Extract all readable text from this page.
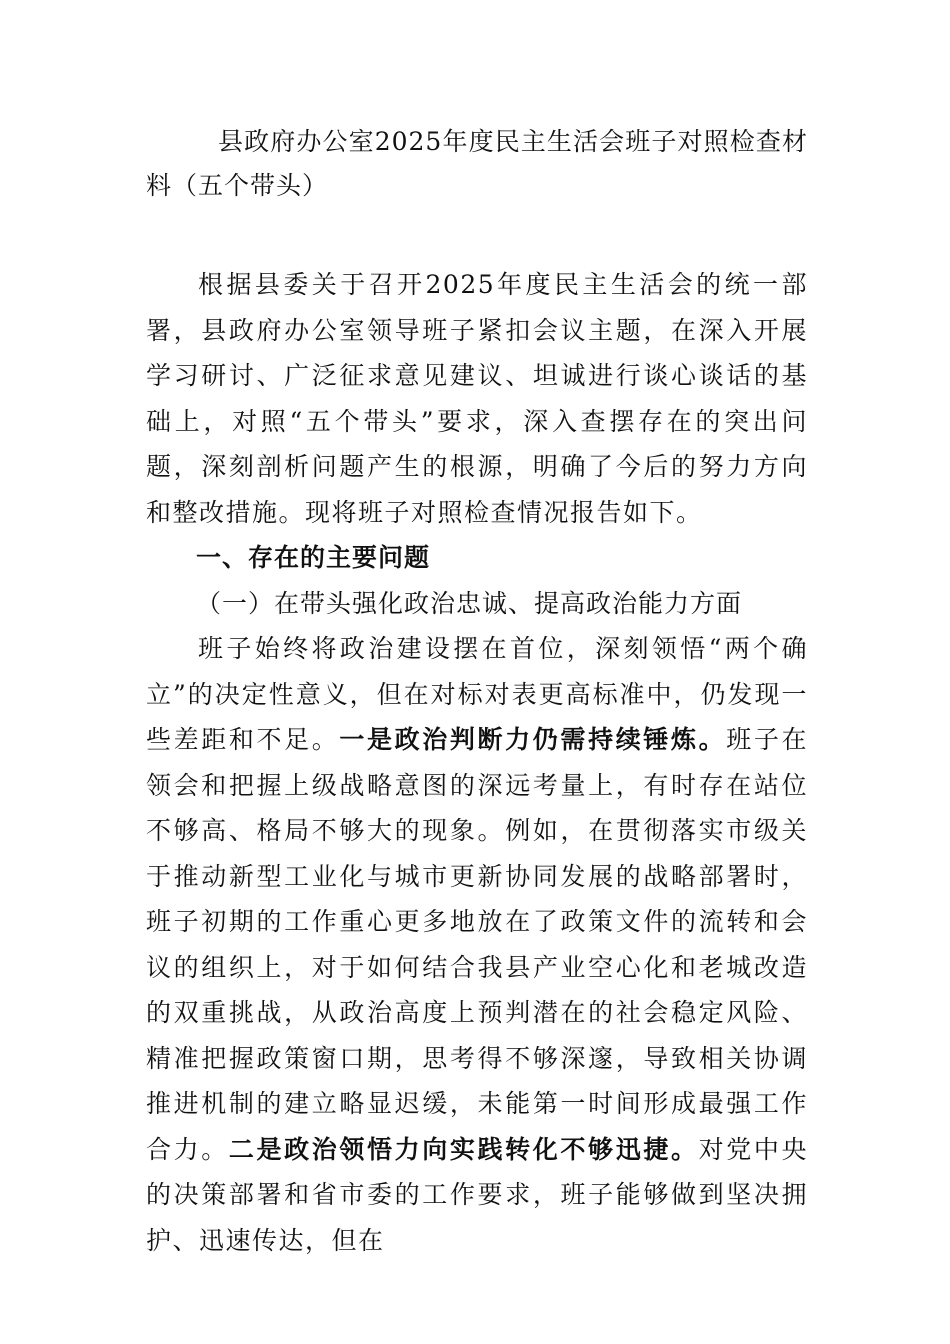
县政府办公室2025年度民主生活会班子对照检查材料（五个带头）
根据县委关于召开2025年度民主生活会的统一部署，县政府办公室领导班子紧扣会议主题，在深入开展学习研讨、广泛征求意见建议、坦诚进行谈心谈话的基础上，对照“五个带头”要求，深入查摆存在的突出问题，深刻剖析问题产生的根源，明确了今后的努力方向和整改措施。现将班子对照检查情况报告如下。
一、存在的主要问题
（一）在带头强化政治忠诚、提高政治能力方面
班子始终将政治建设摆在首位，深刻领悟“两个确立”的决定性意义，但在对标对表更高标准中，仍发现一些差距和不足。一是政治判断力仍需持续锤炼。班子在领会和把握上级战略意图的深远考量上，有时存在站位不够高、格局不够大的现象。例如，在贯彻落实市级关于推动新型工业化与城市更新协同发展的战略部署时，班子初期的工作重心更多地放在了政策文件的流转和会议的组织上，对于如何结合我县产业空心化和老城改造的双重挑战，从政治高度上预判潜在的社会稳定风险、精准把握政策窗口期，思考得不够深邃，导致相关协调推进机制的建立略显迟缓，未能第一时间形成最强工作合力。二是政治领悟力向实践转化不够迅捷。对党中央的决策部署和省市委的工作要求，班子能够做到坚决拥护、迅速传达，但在
